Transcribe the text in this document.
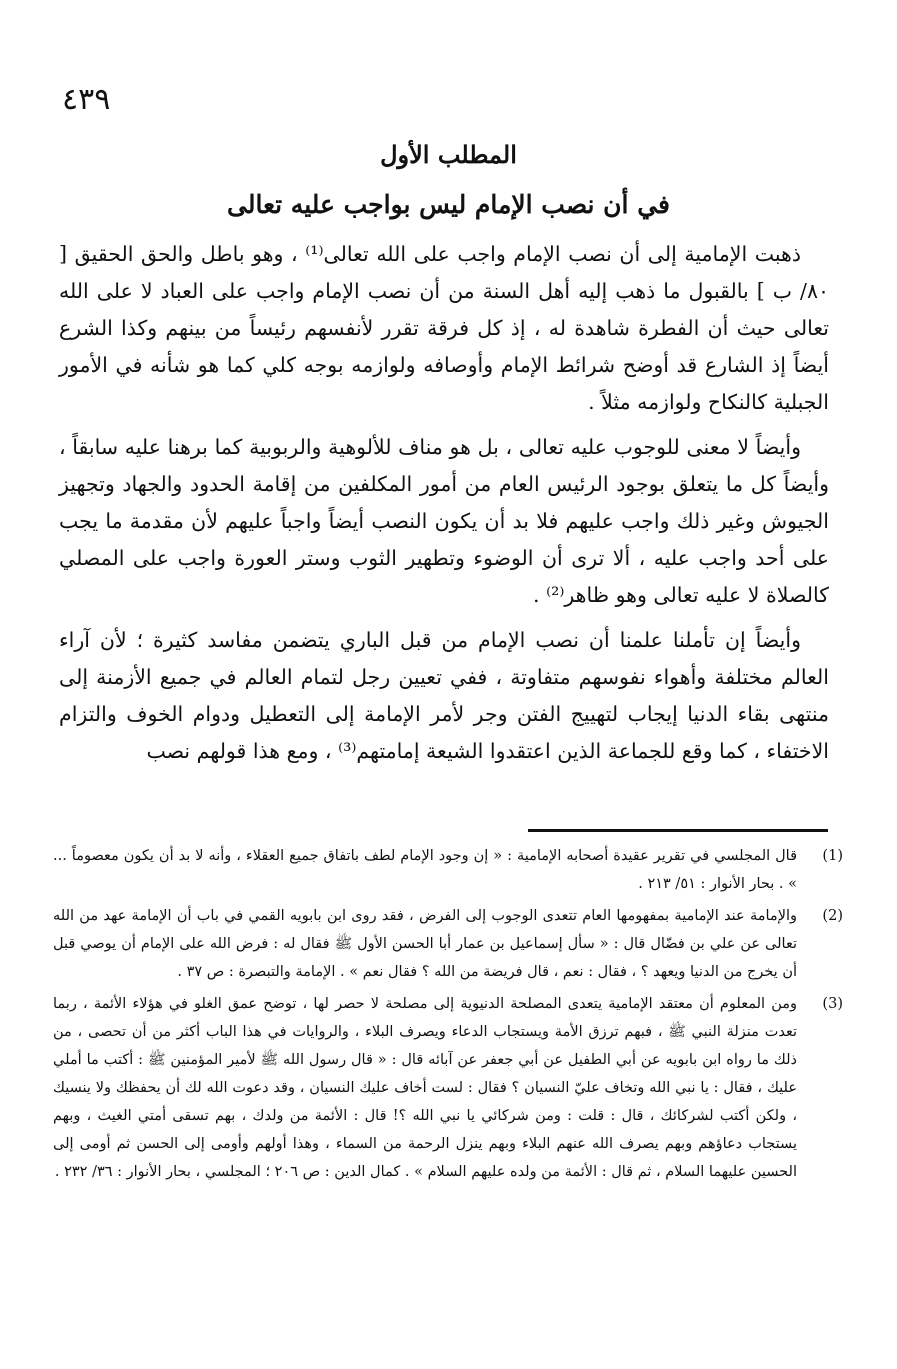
٤٣٩
المطلب الأول
في أن نصب الإمام ليس بواجب عليه تعالى

ذهبت الإمامية إلى أن نصب الإمام واجب على الله تعالى⁽¹⁾ ، وهو باطل والحق الحقيق [ ٨٠/ ب ] بالقبول ما ذهب إليه أهل السنة من أن نصب الإمام واجب على العباد لا على الله تعالى حيث أن الفطرة شاهدة له ، إذ كل فرقة تقرر لأنفسهم رئيساً من بينهم وكذا الشرع أيضاً إذ الشارع قد أوضح شرائط الإمام وأوصافه ولوازمه بوجه كلي كما هو شأنه في الأمور الجبلية كالنكاح ولوازمه مثلاً .

وأيضاً لا معنى للوجوب عليه تعالى ، بل هو مناف للألوهية والربوبية كما برهنا عليه سابقاً ، وأيضاً كل ما يتعلق بوجود الرئيس العام من أمور المكلفين من إقامة الحدود والجهاد وتجهيز الجيوش وغير ذلك واجب عليهم فلا بد أن يكون النصب أيضاً واجباً عليهم لأن مقدمة ما يجب على أحد واجب عليه ، ألا ترى أن الوضوء وتطهير الثوب وستر العورة واجب على المصلي كالصلاة لا عليه تعالى وهو ظاهر⁽²⁾ .

وأيضاً إن تأملنا علمنا أن نصب الإمام من قبل الباري يتضمن مفاسد كثيرة ؛ لأن آراء العالم مختلفة وأهواء نفوسهم متفاوتة ، ففي تعيين رجل لتمام العالم في جميع الأزمنة إلى منتهى بقاء الدنيا إيجاب لتهييج الفتن وجر لأمر الإمامة إلى التعطيل ودوام الخوف والتزام الاختفاء ، كما وقع للجماعة الذين اعتقدوا الشيعة إمامتهم⁽³⁾ ، ومع هذا قولهم نصب

(1)
قال المجلسي في تقرير عقيدة أصحابه الإمامية : « إن وجود الإمام لطف باتفاق جميع العقلاء ، وأنه لا بد أن يكون معصوماً ... » . بحار الأنوار : ٥١/ ٢١٣ .
(2)
والإمامة عند الإمامية بمفهومها العام تتعدى الوجوب إلى الفرض ، فقد روى ابن بابويه القمي في باب أن الإمامة عهد من الله تعالى عن علي بن فضّال قال : « سأل إسماعيل بن عمار أبا الحسن الأول ﷺ فقال له : فرض الله على الإمام أن يوصي قبل أن يخرج من الدنيا ويعهد ؟ ، فقال : نعم ، قال فريضة من الله ؟ فقال نعم » . الإمامة والتبصرة : ص ٣٧ .
(3)
ومن المعلوم أن معتقد الإمامية يتعدى المصلحة الدنيوية إلى مصلحة لا حصر لها ، توضح عمق الغلو في هؤلاء الأئمة ، ربما تعدت منزلة النبي ﷺ ، فبهم ترزق الأمة ويستجاب الدعاء ويصرف البلاء ، والروايات في هذا الباب أكثر من أن تحصى ، من ذلك ما رواه ابن بابويه عن أبي الطفيل عن أبي جعفر عن آبائه قال : « قال رسول الله ﷺ لأمير المؤمنين ﷺ : أكتب ما أملي عليك ، فقال : يا نبي الله وتخاف عليّ النسيان ؟ فقال : لست أخاف عليك النسيان ، وقد دعوت الله لك أن يحفظك ولا ينسيك ، ولكن أكتب لشركائك ، قال : قلت : ومن شركائي يا نبي الله ؟! قال : الأئمة من ولدك ، بهم تسقى أمتي الغيث ، وبهم يستجاب دعاؤهم وبهم يصرف الله عنهم البلاء وبهم ينزل الرحمة من السماء ، وهذا أولهم وأومى إلى الحسن ثم أومى إلى الحسين عليهما السلام ، ثم قال : الأئمة من ولده عليهم السلام » . كمال الدين : ص ٢٠٦ ؛ المجلسي ، بحار الأنوار : ٣٦/ ٢٣٢ .
